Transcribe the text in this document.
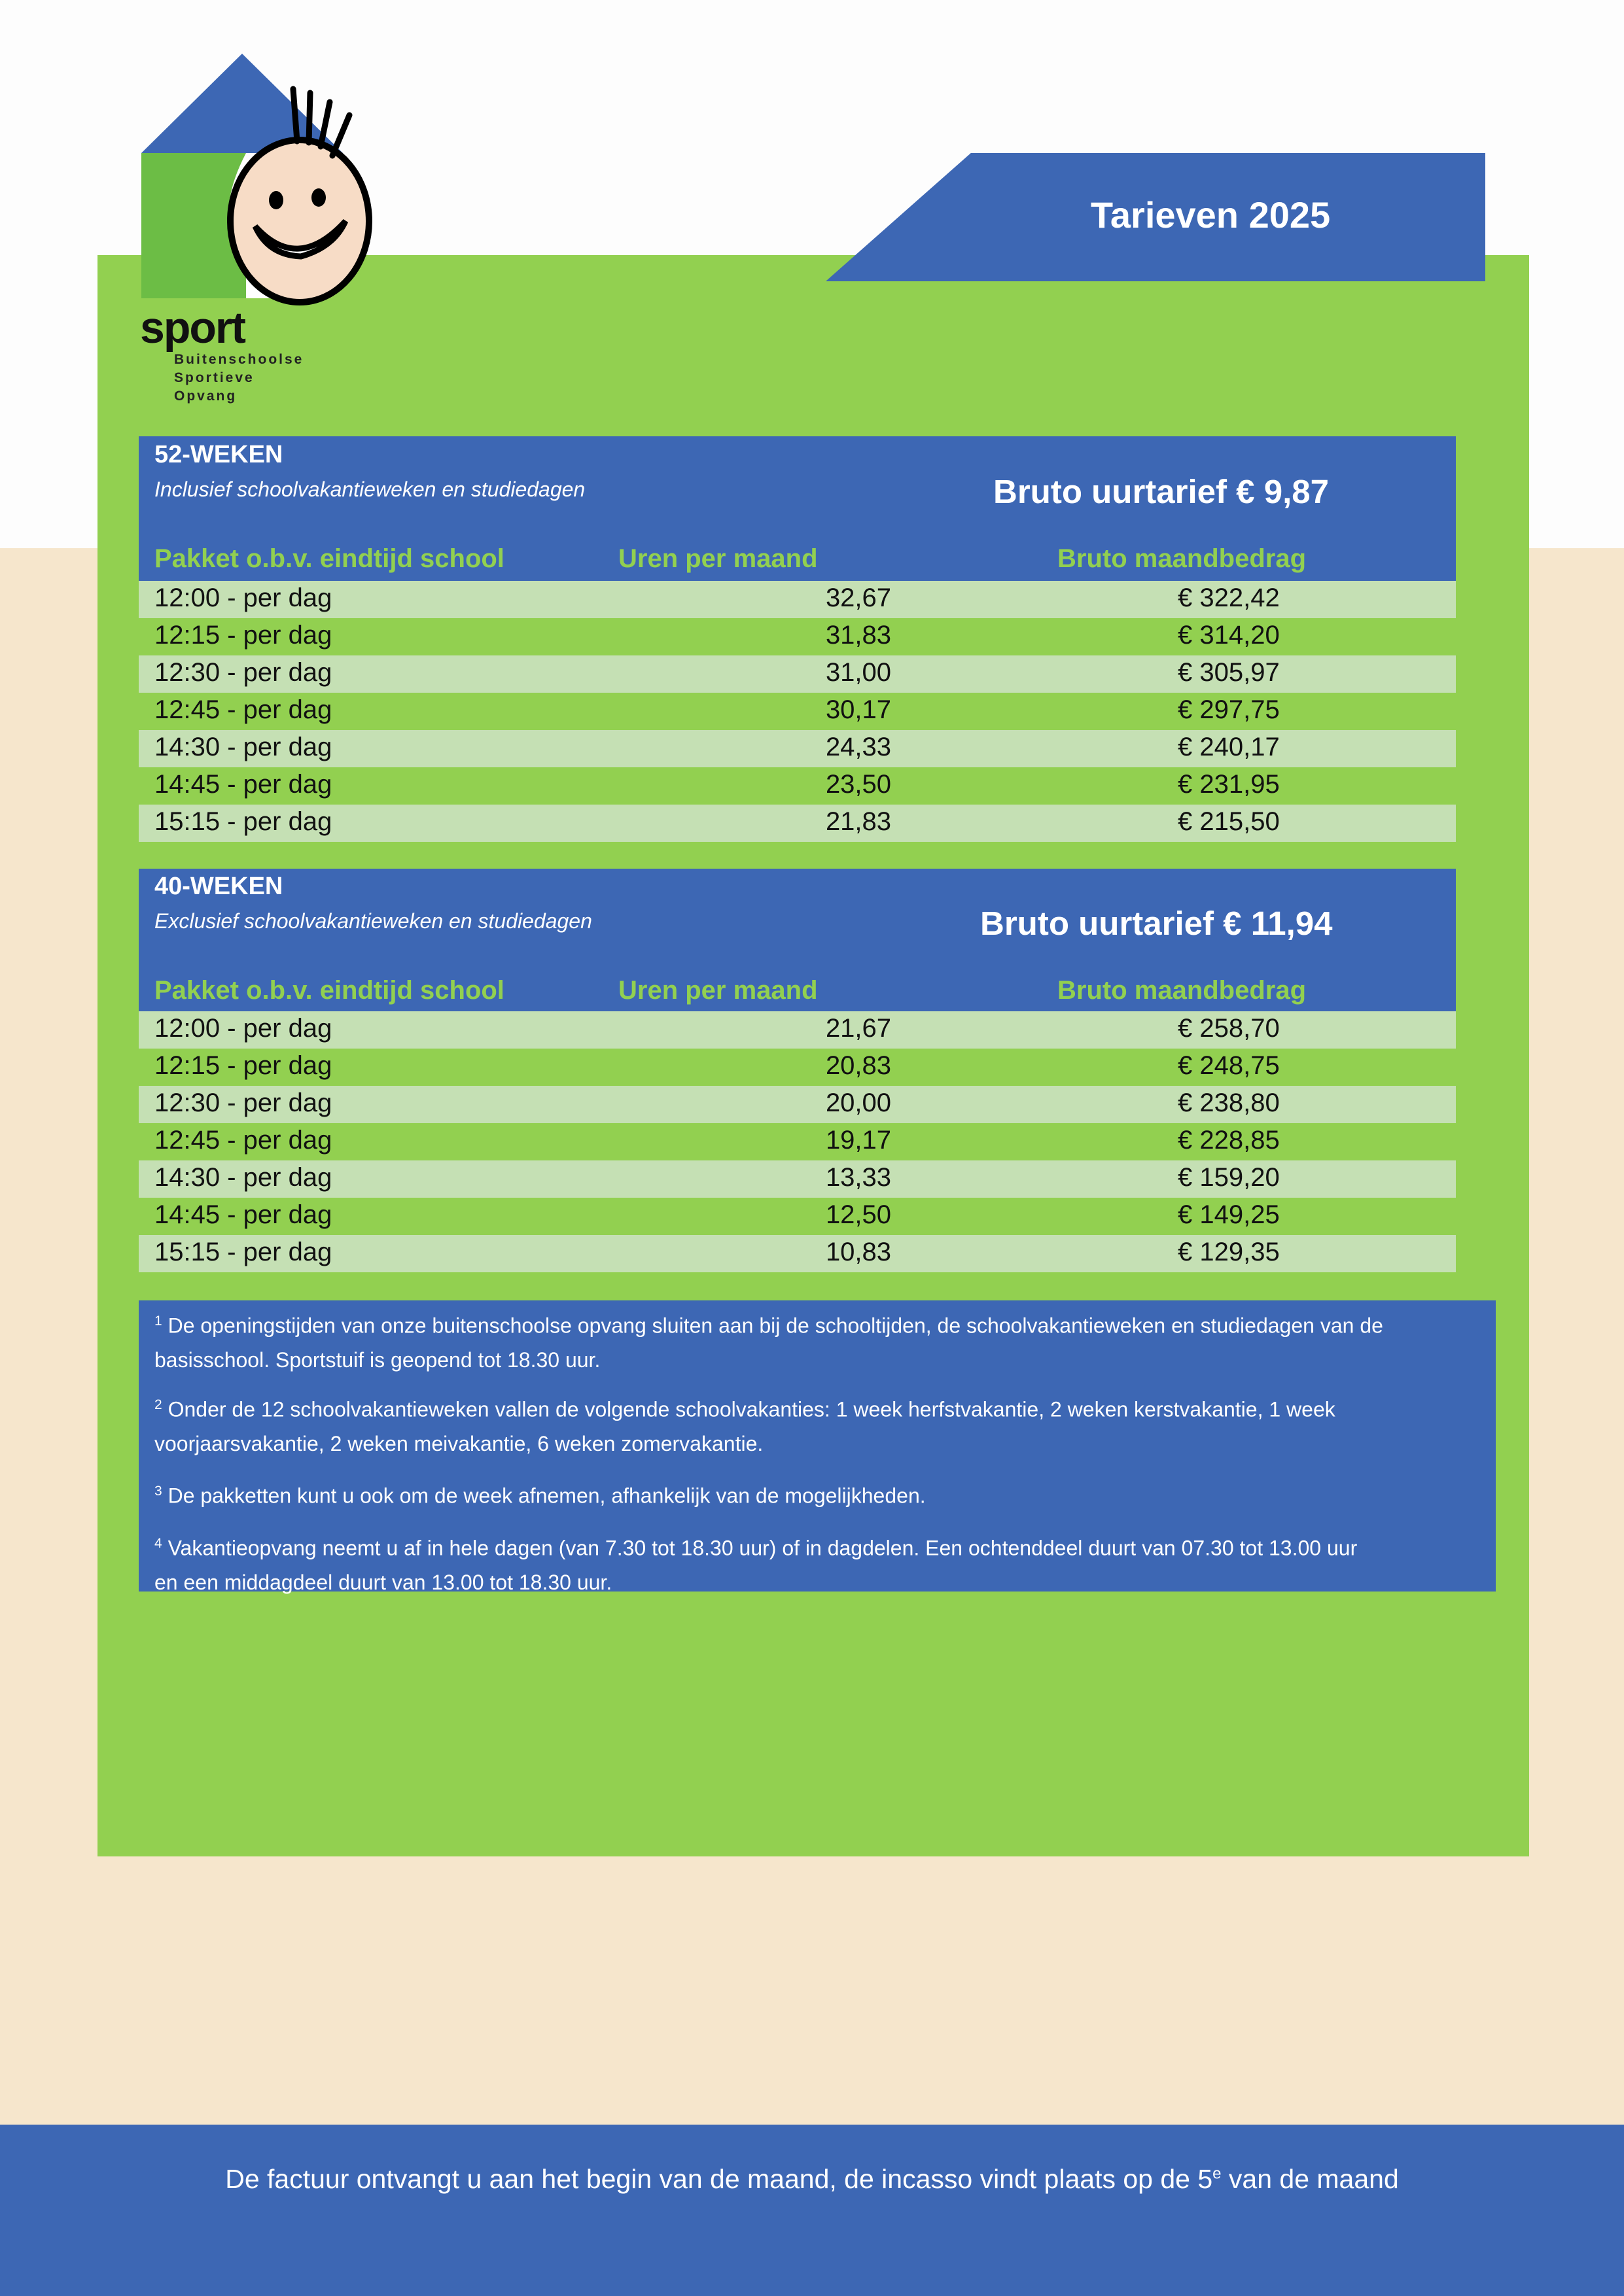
sport stuif
Buitenschoolse
Sportieve
Opvang
Tarieven 2025
52-WEKEN
Inclusief schoolvakantieweken en studiedagen	Bruto uurtarief € 9,87
Pakket o.b.v. eindtijd school	Uren per maand	Bruto maandbedrag
12:00 - per dag	32,67	€ 322,42
12:15 - per dag	31,83	€ 314,20
12:30 - per dag	31,00	€ 305,97
12:45 - per dag	30,17	€ 297,75
14:30 - per dag	24,33	€ 240,17
14:45 - per dag	23,50	€ 231,95
15:15 - per dag	21,83	€ 215,50
40-WEKEN
Exclusief schoolvakantieweken en studiedagen	Bruto uurtarief € 11,94
Pakket o.b.v. eindtijd school	Uren per maand	Bruto maandbedrag
12:00 - per dag	21,67	€ 258,70
12:15 - per dag	20,83	€ 248,75
12:30 - per dag	20,00	€ 238,80
12:45 - per dag	19,17	€ 228,85
14:30 - per dag	13,33	€ 159,20
14:45 - per dag	12,50	€ 149,25
15:15 - per dag	10,83	€ 129,35
$^1$ De openingstijden van onze buitenschoolse opvang sluiten aan bij de schooltijden, de schoolvakantieweken en studiedagen van de
basisschool. Sportstuif is geopend tot 18.30 uur.
$^2$ Onder de 12 schoolvakantieweken vallen de volgende schoolvakanties: 1 week herfstvakantie, 2 weken kerstvakantie, 1 week
voorjaarsvakantie, 2 weken meivakantie, 6 weken zomervakantie.
$^3$ De pakketten kunt u ook om de week afnemen, afhankelijk van de mogelijkheden.
$^4$ Vakantieopvang neemt u af in hele dagen (van 7.30 tot 18.30 uur) of in dagdelen. Een ochtenddeel duurt van 07.30 tot 13.00 uur
en een middagdeel duurt van 13.00 tot 18.30 uur.
De factuur ontvangt u aan het begin van de maand, de incasso vindt plaats op de 5e van de maand
